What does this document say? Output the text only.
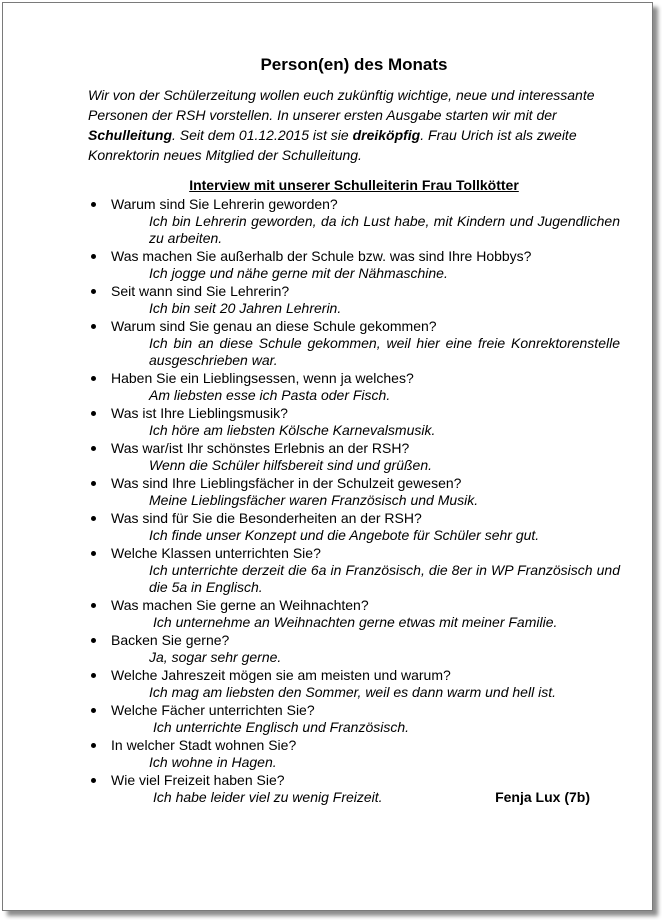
Person(en) des Monats

Wir von der Schülerzeitung wollen euch zukünftig wichtige, neue und interessante Personen der RSH vorstellen. In unserer ersten Ausgabe starten wir mit der Schulleitung. Seit dem 01.12.2015 ist sie dreiköpfig. Frau Urich ist als zweite Konrektorin neues Mitglied der Schulleitung.

Interview mit unserer Schulleiterin Frau Tollkötter
Warum sind Sie Lehrerin geworden?
Ich bin Lehrerin geworden, da ich Lust habe, mit Kindern und Jugendlichen zu arbeiten.
Was machen Sie außerhalb der Schule bzw. was sind Ihre Hobbys?
Ich jogge und nähe gerne mit der Nähmaschine.
Seit wann sind Sie Lehrerin?
Ich bin seit 20 Jahren Lehrerin.
Warum sind Sie genau an diese Schule gekommen?
Ich bin an diese Schule gekommen, weil hier eine freie Konrektorenstelle ausgeschrieben war.
Haben Sie ein Lieblingsessen, wenn ja welches?
Am liebsten esse ich Pasta oder Fisch.
Was ist Ihre Lieblingsmusik?
Ich höre am liebsten Kölsche Karnevalsmusik.
Was war/ist Ihr schönstes Erlebnis an der RSH?
Wenn die Schüler hilfsbereit sind und grüßen.
Was sind Ihre Lieblingsfächer in der Schulzeit gewesen?
Meine Lieblingsfächer waren Französisch und Musik.
Was sind für Sie die Besonderheiten an der RSH?
Ich finde unser Konzept und die Angebote für Schüler sehr gut.
Welche Klassen unterrichten Sie?
Ich unterrichte derzeit die 6a in Französisch, die 8er in WP Französisch und die 5a in Englisch.
Was machen Sie gerne an Weihnachten?
Ich unternehme an Weihnachten gerne etwas mit meiner Familie.
Backen Sie gerne?
Ja, sogar sehr gerne.
Welche Jahreszeit mögen sie am meisten und warum?
Ich mag am liebsten den Sommer, weil es dann warm und hell ist.
Welche Fächer unterrichten Sie?
Ich unterrichte Englisch und Französisch.
In welcher Stadt wohnen Sie?
Ich wohne in Hagen.
Wie viel Freizeit haben Sie?
Ich habe leider viel zu wenig Freizeit.	Fenja Lux (7b)
